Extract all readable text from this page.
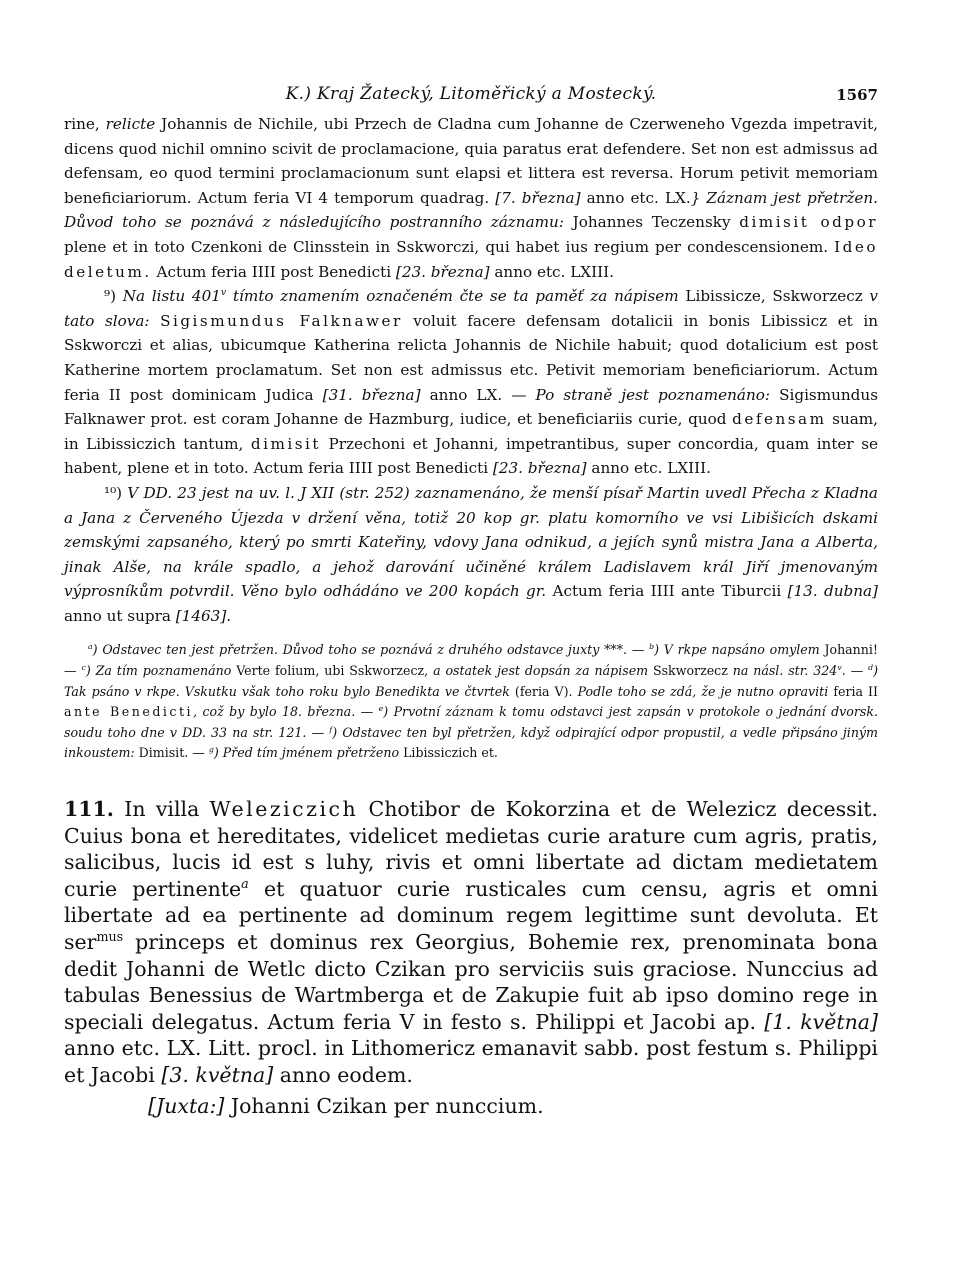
K.) Kraj Žatecký, Litoměřický a Mostecký.	1567

rine, relicte Johannis de Nichile, ubi Przech de Cladna cum Johanne de Czerweneho Vgezda impetravit, dicens quod nichil omnino scivit de proclamacione, quia paratus erat defendere. Set non est admissus ad defensam, eo quod termini proclamacionum sunt elapsi et littera est reversa. Horum petivit memoriam beneficiariorum. Actum feria VI 4 temporum quadrag. [7. března] anno etc. LX.} Záznam jest přetržen. Důvod toho se poznává z následujícího postranního záznamu: Johannes Teczensky dimisit odpor plene et in toto Czenkoni de Clinsstein in Sskworczi, qui habet ius regium per condescensionem. Ideo deletum. Actum feria IIII post Benedicti [23. března] anno etc. LXIII.

⁹) Na listu 401$^v$ tímto znamením označeném čte se ta paměť za nápisem Libissicze, Sskworzecz v tato slova: Sigismundus Falknawer voluit facere defensam dotalicii in bonis Libissicz et in Sskworczi et alias, ubicumque Katherina relicta Johannis de Nichile habuit; quod dotalicium est post Katherine mortem proclamatum. Set non est admissus etc. Petivit memoriam beneficiariorum. Actum feria II post dominicam Judica [31. března] anno LX. — Po straně jest poznamenáno: Sigismundus Falknawer prot. est coram Johanne de Hazmburg, iudice, et beneficiariis curie, quod defensam suam, in Libissiczich tantum, dimisit Przechoni et Johanni, impetrantibus, super concordia, quam inter se habent, plene et in toto. Actum feria IIII post Benedicti [23. března] anno etc. LXIII.

¹⁰) V DD. 23 jest na uv. l. J XII (str. 252) zaznamenáno, že menší písař Martin uvedl Přecha z Kladna a Jana z Červeného Újezda v držení věna, totiž 20 kop gr. platu komorního ve vsi Libišicích dskami zemskými zapsaného, který po smrti Kateřiny, vdovy Jana odnikud, a jejích synů mistra Jana a Alberta, jinak Alše, na krále spadlo, a jehož darování učiněné králem Ladislavem král Jiří jmenovaným výprosníkům potvrdil. Věno bylo odhádáno ve 200 kopách gr. Actum feria IIII ante Tiburcii [13. dubna] anno ut supra [1463].

$^a$) Odstavec ten jest přetržen. Důvod toho se poznává z druhého odstavce juxty ***. — $^b$) V rkpe napsáno omylem Johanni! — $^c$) Za tím poznamenáno Verte folium, ubi Sskworzecz, a ostatek jest dopsán za nápisem Sskworzecz na násl. str. 324$^v$. — $^d$) Tak psáno v rkpe. Vskutku však toho roku bylo Benedikta ve čtvrtek (feria V). Podle toho se zdá, že je nutno opraviti feria II ante Benedicti, což by bylo 18. března. — $^e$) Prvotní záznam k tomu odstavci jest zapsán v protokole o jednání dvorsk. soudu toho dne v DD. 33 na str. 121. — $^f$) Odstavec ten byl přetržen, když odpirající odpor propustil, a vedle připsáno jiným inkoustem: Dimisit. — $^g$) Před tím jménem přetrženo Libissiczich et.

111. In villa Weleziczich Chotibor de Kokorzina et de Welezicz decessit. Cuius bona et hereditates, videlicet medietas curie arature cum agris, pratis, salicibus, lucis id est s luhy, rivis et omni libertate ad dictam medietatem curie pertinente$^a$ et quatuor curie rusticales cum censu, agris et omni libertate ad ea pertinente ad dominum regem legittime sunt devoluta. Et ser$^{mus}$ princeps et dominus rex Georgius, Bohemie rex, prenominata bona dedit Johanni de Wetlc dicto Czikan pro serviciis suis graciose. Nunccius ad tabulas Benessius de Wartmberga et de Zakupie fuit ab ipso domino rege in speciali delegatus. Actum feria V in festo s. Philippi et Jacobi ap. [1. května] anno etc. LX. Litt. procl. in Lithomericz emanavit sabb. post festum s. Philippi et Jacobi [3. května] anno eodem.

[Juxta:] Johanni Czikan per nunccium.
